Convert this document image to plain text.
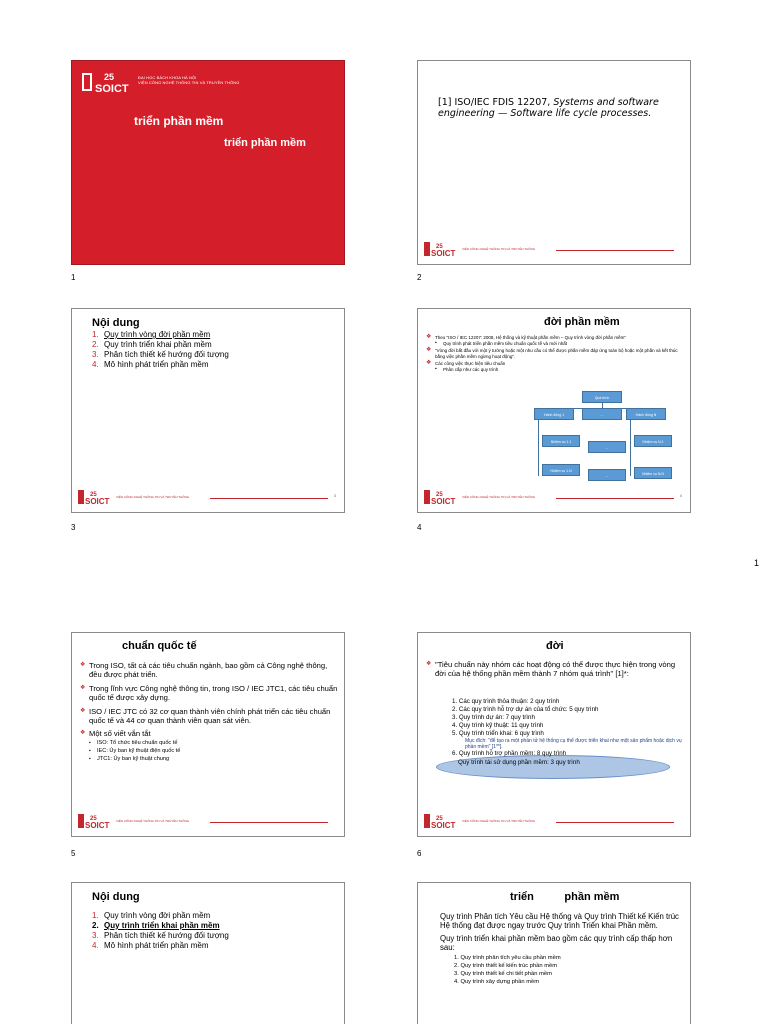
25
SOICT
ĐẠI HỌC BÁCH KHOA HÀ NỘI
VIỆN CÔNG NGHỆ THÔNG TIN VÀ TRUYỀN THÔNG
triển phần mềm
triển phần mềm
1
[1] ISO/IEC FDIS 12207, Systems and software engineering — Software life cycle processes.
25
SOICT VIỆN CÔNG NGHỆ THÔNG TIN VÀ TRUYỀN THÔNG
2
Nội dung
1. Quy trình vòng đời phần mềm
2. Quy trình triển khai phần mềm
3. Phân tích thiết kế hướng đối tượng
4. Mô hình phát triển phần mềm
25
SOICT VIỆN CÔNG NGHỆ THÔNG TIN VÀ TRUYỀN THÔNG	3
3
đời phần mềm
❖ Theo "ISO / IEC 12207: 2008, Hệ thống và kỹ thuật phần mềm – Quy trình vòng đời phần mềm"
▪ Quy trình phát triển phần mềm tiêu chuẩn quốc tế và mới nhất
❖ "Vòng đời bắt đầu với một ý tưởng hoặc một nhu cầu có thể được phần mềm đáp ứng toàn bộ hoặc một phần và kết thúc bằng việc phần mềm ngừng hoạt động".
❖ Các công việc thực hiện tiêu chuẩn
▪ Phân cấp như các quy trình
Quá trình
Hành động 1	...	Hành động N
Nhiệm vụ 1.1
Nhiệm vụ 1.N
...
...
Nhiệm vụ N.1
Nhiệm vụ N.N
25
SOICT VIỆN CÔNG NGHỆ THÔNG TIN VÀ TRUYỀN THÔNG	4
4
1
chuẩn quốc tế
❖ Trong ISO, tất cả các tiêu chuẩn ngành, bao gồm cả Công nghệ thông, đều được phát triển.
❖ Trong lĩnh vực Công nghệ thông tin, trong ISO / IEC JTC1, các tiêu chuẩn quốc tế được xây dựng.
❖ ISO / IEC JTC có 32 cơ quan thành viên chính phát triển các tiêu chuẩn quốc tế và 44 cơ quan thành viên quan sát viên.
❖ Một số viết vắn tắt
▪ ISO: Tổ chức tiêu chuẩn quốc tế
▪ IEC: Ủy ban kỹ thuật điện quốc tế
▪ JTC1: Ủy ban kỹ thuật chung
25
SOICT VIỆN CÔNG NGHỆ THÔNG TIN VÀ TRUYỀN THÔNG
5
đời
❖ "Tiêu chuẩn này nhóm các hoạt động có thể được thực hiện trong vòng đời của hệ thống phần mềm thành 7 nhóm quá trình" [1]*:
1. Các quy trình thỏa thuận: 2 quy trình
2. Các quy trình hỗ trợ dự án của tổ chức: 5 quy trình
3. Quy trình dự án: 7 quy trình
4. Quy trình kỹ thuật: 11 quy trình
5. Quy trình triển khai: 6 quy trình
Mục đích: "để tạo ra một phần tử hệ thống cụ thể được triển khai như một sản phẩm hoặc dịch vụ phần mềm" [1**].
6. Quy trình hỗ trợ phần mềm: 8 quy trình
Quy trình tái sử dụng phần mềm: 3 quy trình
25
SOICT VIỆN CÔNG NGHỆ THÔNG TIN VÀ TRUYỀN THÔNG
6
Nội dung
1. Quy trình vòng đời phần mềm
2. Quy trình triển khai phần mềm
3. Phân tích thiết kế hướng đối tượng
4. Mô hình phát triển phần mềm
triển          phần mềm

Quy trình Phân tích Yêu cầu Hệ thống và Quy trình Thiết kế Kiến trúc Hệ thống đạt được ngay trước Quy trình Triển khai Phần mềm.

Quy trình triển khai phần mềm bao gồm các quy trình cấp thấp hơn sau:

1. Quy trình phân tích yêu cầu phần mềm
2. Quy trình thiết kế kiến trúc phần mềm
3. Quy trình thiết kế chi tiết phần mềm
4. Quy trình xây dựng phần mềm
